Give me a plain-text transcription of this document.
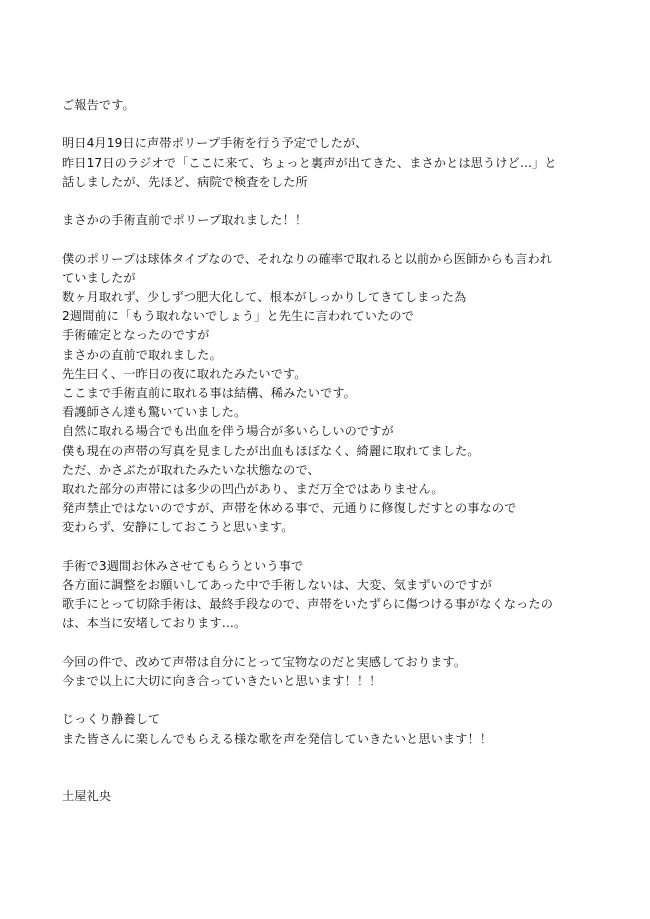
ご報告です。
明日4月19日に声帯ポリープ手術を行う予定でしたが、
昨日17日のラジオで「ここに来て、ちょっと裏声が出てきた、まさかとは思うけど…」と
話しましたが、先ほど、病院で検査をした所
まさかの手術直前でポリープ取れました！！
僕のポリープは球体タイプなので、それなりの確率で取れると以前から医師からも言われ
ていましたが
数ヶ月取れず、少しずつ肥大化して、根本がしっかりしてきてしまった為
2週間前に「もう取れないでしょう」と先生に言われていたので
手術確定となったのですが
まさかの直前で取れました。
先生曰く、一昨日の夜に取れたみたいです。
ここまで手術直前に取れる事は結構、稀みたいです。
看護師さん達も驚いていました。
自然に取れる場合でも出血を伴う場合が多いらしいのですが
僕も現在の声帯の写真を見ましたが出血もほぼなく、綺麗に取れてました。
ただ、かさぶたが取れたみたいな状態なので、
取れた部分の声帯には多少の凹凸があり、まだ万全ではありません。
発声禁止ではないのですが、声帯を休める事で、元通りに修復しだすとの事なので
変わらず、安静にしておこうと思います。
手術で3週間お休みさせてもらうという事で
各方面に調整をお願いしてあった中で手術しないは、大変、気まずいのですが
歌手にとって切除手術は、最終手段なので、声帯をいたずらに傷つける事がなくなったの
は、本当に安堵しております…。
今回の件で、改めて声帯は自分にとって宝物なのだと実感しております。
今まで以上に大切に向き合っていきたいと思います！！！
じっくり静養して
また皆さんに楽しんでもらえる様な歌を声を発信していきたいと思います！！
土屋礼央
